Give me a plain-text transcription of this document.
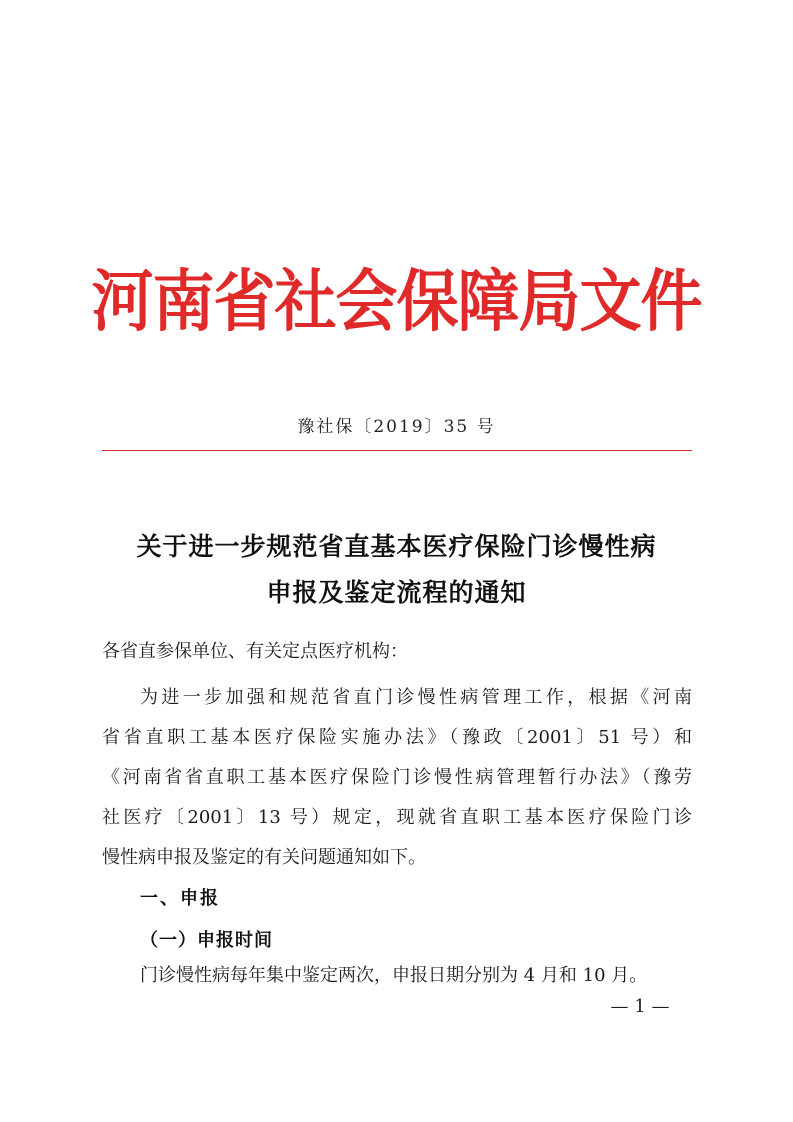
河南省社会保障局文件
豫社保〔2019〕35 号
关于进一步规范省直基本医疗保险门诊慢性病
申报及鉴定流程的通知
各省直参保单位、有关定点医疗机构：
为进一步加强和规范省直门诊慢性病管理工作，根据《河南
省省直职工基本医疗保险实施办法》（豫政〔2001〕51 号）和
《河南省省直职工基本医疗保险门诊慢性病管理暂行办法》（豫劳
社医疗〔2001〕13 号）规定，现就省直职工基本医疗保险门诊
慢性病申报及鉴定的有关问题通知如下。
一、申报
（一）申报时间
门诊慢性病每年集中鉴定两次，申报日期分别为 4 月和 10 月。
— 1 —
